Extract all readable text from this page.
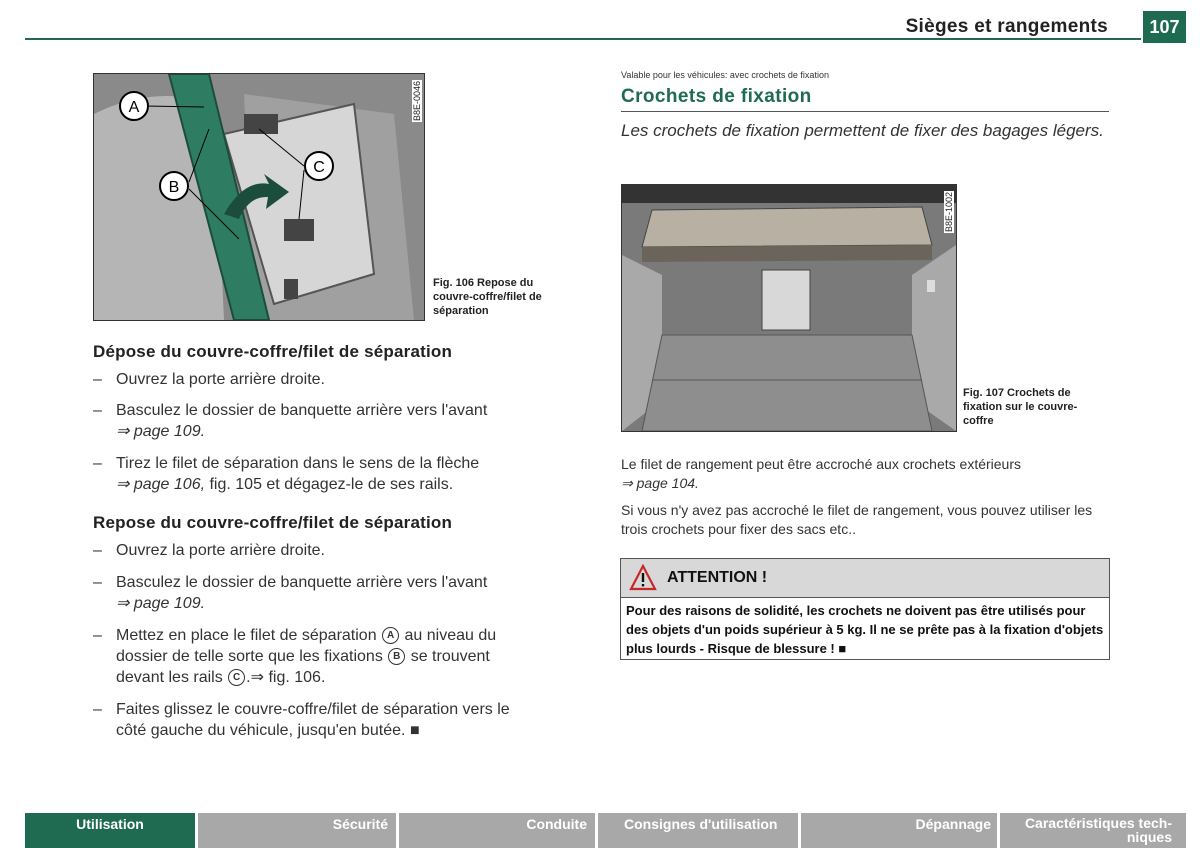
Sièges et rangements	107
A
B
C
B8E-0046
Fig. 106 Repose du couvre-coffre/filet de séparation
Dépose du couvre-coffre/filet de séparation
– Ouvrez la porte arrière droite.
– Basculez le dossier de banquette arrière vers l'avant
⇒ page 109.
– Tirez le filet de séparation dans le sens de la flèche
⇒ page 106, fig. 105 et dégagez-le de ses rails.
Repose du couvre-coffre/filet de séparation
– Ouvrez la porte arrière droite.
– Basculez le dossier de banquette arrière vers l'avant
⇒ page 109.
– Mettez en place le filet de séparation A au niveau du
dossier de telle sorte que les fixations B se trouvent
devant les rails C .⇒ fig. 106.
– Faites glissez le couvre-coffre/filet de séparation vers le
côté gauche du véhicule, jusqu'en butée. ■
Valable pour les véhicules: avec crochets de fixation
Crochets de fixation
Les crochets de fixation permettent de fixer des bagages légers.
B8E-1002
Fig. 107 Crochets de fixation sur le couvre-coffre
Le filet de rangement peut être accroché aux crochets extérieurs
⇒ page 104.
Si vous n'y avez pas accroché le filet de rangement, vous pouvez utiliser les trois crochets pour fixer des sacs etc..
ATTENTION !
Pour des raisons de solidité, les crochets ne doivent pas être utilisés pour des objets d'un poids supérieur à 5 kg. Il ne se prête pas à la fixation d'objets plus lourds - Risque de blessure ! ■
Utilisation	Sécurité	Conduite	Consignes d'utilisation	Dépannage	Caractéristiques tech-
niques
